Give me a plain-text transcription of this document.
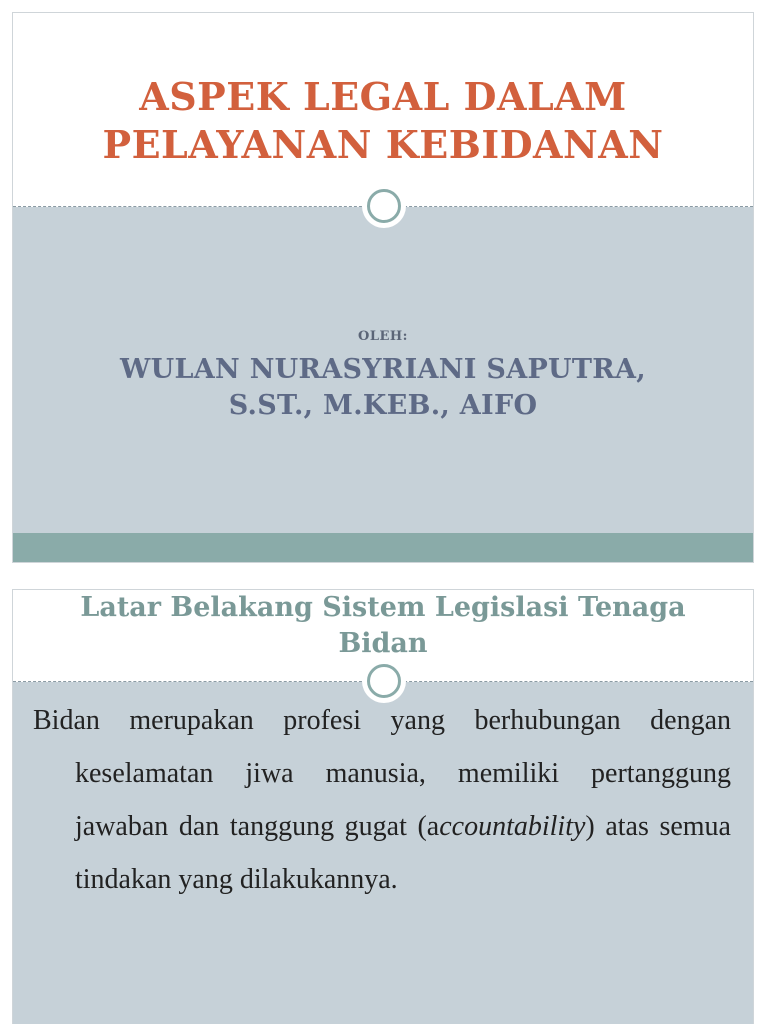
ASPEK LEGAL DALAM
PELAYANAN KEBIDANAN
OLEH:
WULAN NURASYRIANI SAPUTRA,
S.ST., M.KEB., AIFO
Latar Belakang Sistem Legislasi Tenaga
Bidan

Bidan merupakan profesi yang berhubungan dengan keselamatan jiwa manusia, memiliki pertanggung jawaban dan tanggung gugat (accountability) atas semua tindakan yang dilakukannya.
